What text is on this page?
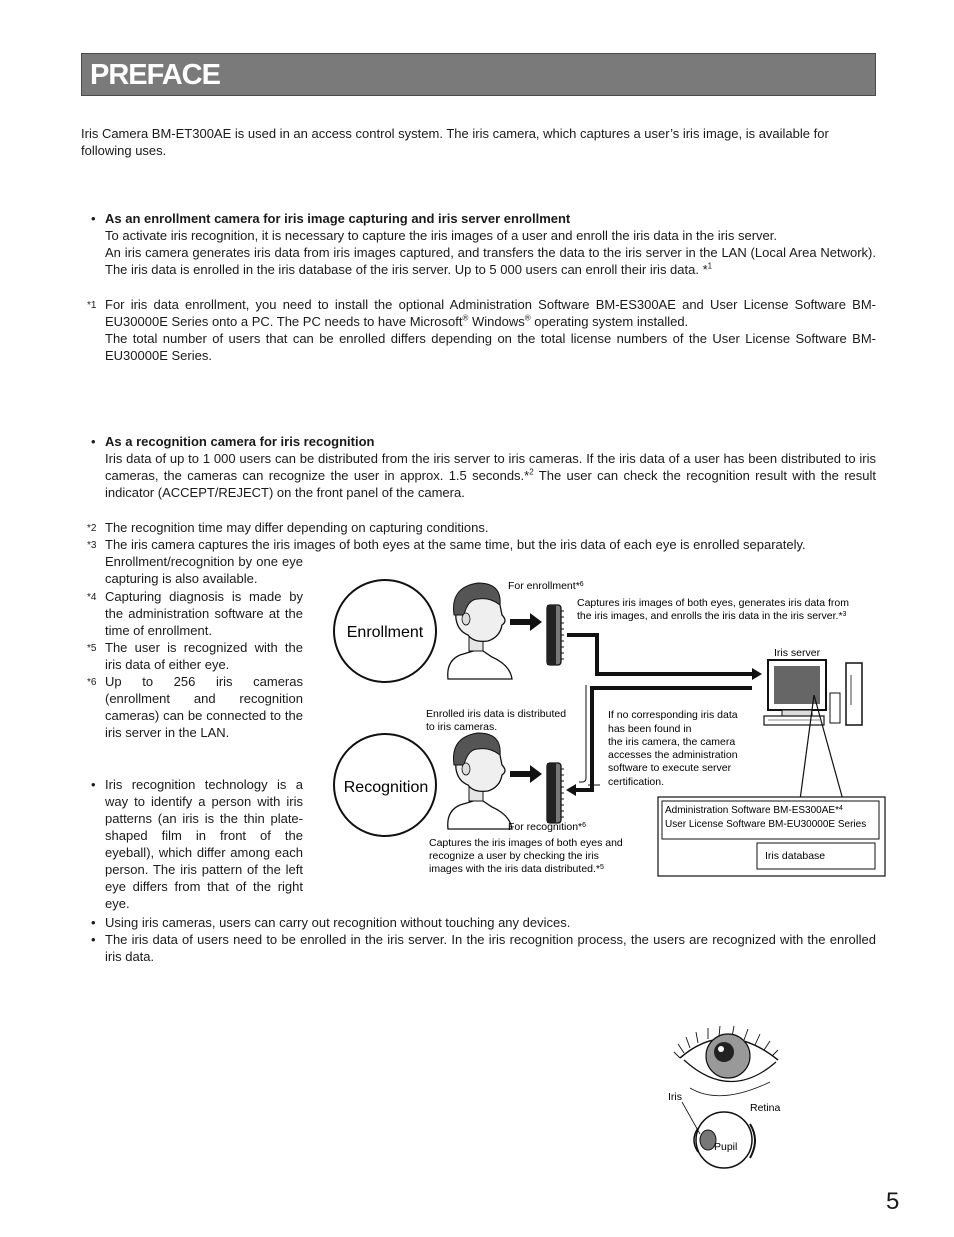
PREFACE
Iris Camera BM-ET300AE is used in an access control system. The iris camera, which captures a user’s iris image, is available for following uses.
• As an enrollment camera for iris image capturing and iris server enrollment
To activate iris recognition, it is necessary to capture the iris images of a user and enroll the iris data in the iris server.
An iris camera generates iris data from iris images captured, and transfers the data to the iris server in the LAN (Local Area Network). The iris data is enrolled in the iris database of the iris server. Up to 5 000 users can enroll their iris data. *$^1$
*1 For iris data enrollment, you need to install the optional Administration Software BM-ES300AE and User License Software BM-EU30000E Series onto a PC. The PC needs to have Microsoft® Windows® operating system installed.
The total number of users that can be enrolled differs depending on the total license numbers of the User License Software BM-EU30000E Series.
• As a recognition camera for iris recognition
Iris data of up to 1 000 users can be distributed from the iris server to iris cameras. If the iris data of a user has been distributed to iris cameras, the cameras can recognize the user in approx. 1.5 seconds.*$^2$ The user can check the recognition result with the result indicator (ACCEPT/REJECT) on the front panel of the camera.
*2 The recognition time may differ depending on capturing conditions.
*3 The iris camera captures the iris images of both eyes at the same time, but the iris data of each eye is enrolled separately.
Enrollment/recognition by one eye capturing is also available.
*4 Capturing diagnosis is made by the administration software at the time of enrollment.
*5 The user is recognized with the iris data of either eye.
*6 Up to 256 iris cameras (enrollment and recognition cameras) can be connected to the iris server in the LAN.
• Iris recognition technology is a way to identify a person with iris patterns (an iris is the thin plate-shaped film in front of the eyeball), which differ among each person. The iris pattern of the left eye differs from that of the right eye.
• Using iris cameras, users can carry out recognition without touching any devices.
• The iris data of users need to be enrolled in the iris server. In the iris recognition process, the users are recognized with the enrolled iris data.
Enrollment
Recognition
For enrollment*$^6$
Captures iris images of both eyes, generates iris data from
the iris images, and enrolls the iris data in the iris server.*$^3$
Iris server
Enrolled iris data is distributed
to iris cameras.
If no corresponding iris data
has been found in
the iris camera, the camera
accesses the administration
software to execute server
certification.
Administration Software BM-ES300AE*$^4$
User License Software BM-EU30000E Series
Iris database
For recognition*$^6$
Captures the iris images of both eyes and
recognize a user by checking the iris
images with the iris data distributed.*$^5$
Iris
Retina
Pupil
5
